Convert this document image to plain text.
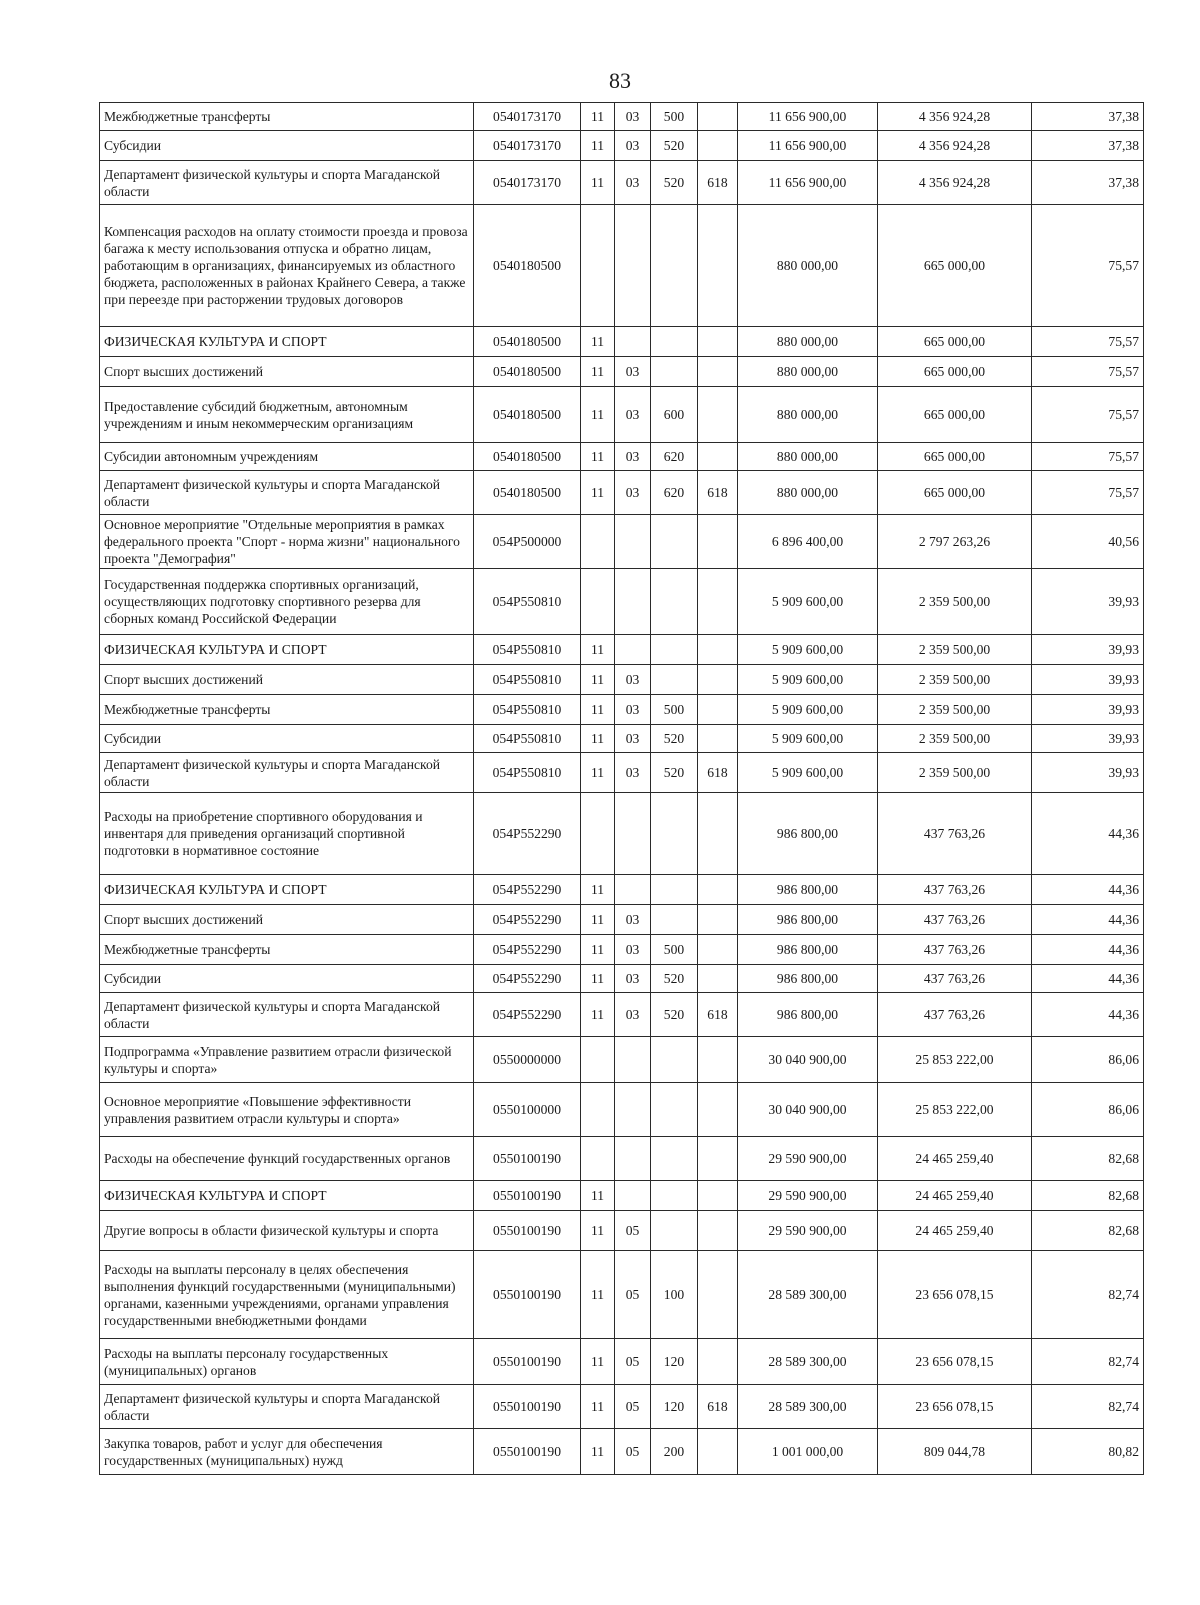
83
Межбюджетные трансферты	0540173170	11	03	500		11 656 900,00	4 356 924,28	37,38
Субсидии	0540173170	11	03	520		11 656 900,00	4 356 924,28	37,38
Департамент физической культуры и спорта Магаданской области	0540173170	11	03	520	618	11 656 900,00	4 356 924,28	37,38
Компенсация расходов на оплату стоимости проезда и провоза багажа к месту использования отпуска и обратно лицам, работающим в организациях, финансируемых из областного бюджета, расположенных в районах Крайнего Севера, а также при переезде при расторжении трудовых договоров	0540180500					880 000,00	665 000,00	75,57
ФИЗИЧЕСКАЯ КУЛЬТУРА И СПОРТ	0540180500	11				880 000,00	665 000,00	75,57
Спорт высших достижений	0540180500	11	03			880 000,00	665 000,00	75,57
Предоставление субсидий бюджетным, автономным учреждениям и иным некоммерческим организациям	0540180500	11	03	600		880 000,00	665 000,00	75,57
Субсидии автономным учреждениям	0540180500	11	03	620		880 000,00	665 000,00	75,57
Департамент физической культуры и спорта Магаданской области	0540180500	11	03	620	618	880 000,00	665 000,00	75,57
Основное мероприятие "Отдельные мероприятия в рамках федерального проекта "Спорт - норма жизни" национального проекта "Демография"	054P500000					6 896 400,00	2 797 263,26	40,56
Государственная поддержка спортивных организаций, осуществляющих подготовку спортивного резерва для сборных команд Российской Федерации	054P550810					5 909 600,00	2 359 500,00	39,93
ФИЗИЧЕСКАЯ КУЛЬТУРА И СПОРТ	054P550810	11				5 909 600,00	2 359 500,00	39,93
Спорт высших достижений	054P550810	11	03			5 909 600,00	2 359 500,00	39,93
Межбюджетные трансферты	054P550810	11	03	500		5 909 600,00	2 359 500,00	39,93
Субсидии	054P550810	11	03	520		5 909 600,00	2 359 500,00	39,93
Департамент физической культуры и спорта Магаданской области	054P550810	11	03	520	618	5 909 600,00	2 359 500,00	39,93
Расходы на приобретение спортивного оборудования и инвентаря для приведения организаций спортивной подготовки в нормативное состояние	054P552290					986 800,00	437 763,26	44,36
ФИЗИЧЕСКАЯ КУЛЬТУРА И СПОРТ	054P552290	11				986 800,00	437 763,26	44,36
Спорт высших достижений	054P552290	11	03			986 800,00	437 763,26	44,36
Межбюджетные трансферты	054P552290	11	03	500		986 800,00	437 763,26	44,36
Субсидии	054P552290	11	03	520		986 800,00	437 763,26	44,36
Департамент физической культуры и спорта Магаданской области	054P552290	11	03	520	618	986 800,00	437 763,26	44,36
Подпрограмма «Управление развитием отрасли физической культуры и спорта»	0550000000					30 040 900,00	25 853 222,00	86,06
Основное мероприятие «Повышение эффективности управления развитием отрасли культуры и спорта»	0550100000					30 040 900,00	25 853 222,00	86,06
Расходы на обеспечение функций государственных органов	0550100190					29 590 900,00	24 465 259,40	82,68
ФИЗИЧЕСКАЯ КУЛЬТУРА И СПОРТ	0550100190	11				29 590 900,00	24 465 259,40	82,68
Другие вопросы в области физической культуры и спорта	0550100190	11	05			29 590 900,00	24 465 259,40	82,68
Расходы на выплаты персоналу в целях обеспечения выполнения функций государственными (муниципальными) органами, казенными учреждениями, органами управления государственными внебюджетными фондами	0550100190	11	05	100		28 589 300,00	23 656 078,15	82,74
Расходы на выплаты персоналу государственных (муниципальных) органов	0550100190	11	05	120		28 589 300,00	23 656 078,15	82,74
Департамент физической культуры и спорта Магаданской области	0550100190	11	05	120	618	28 589 300,00	23 656 078,15	82,74
Закупка товаров, работ и услуг для обеспечения государственных (муниципальных) нужд	0550100190	11	05	200		1 001 000,00	809 044,78	80,82
